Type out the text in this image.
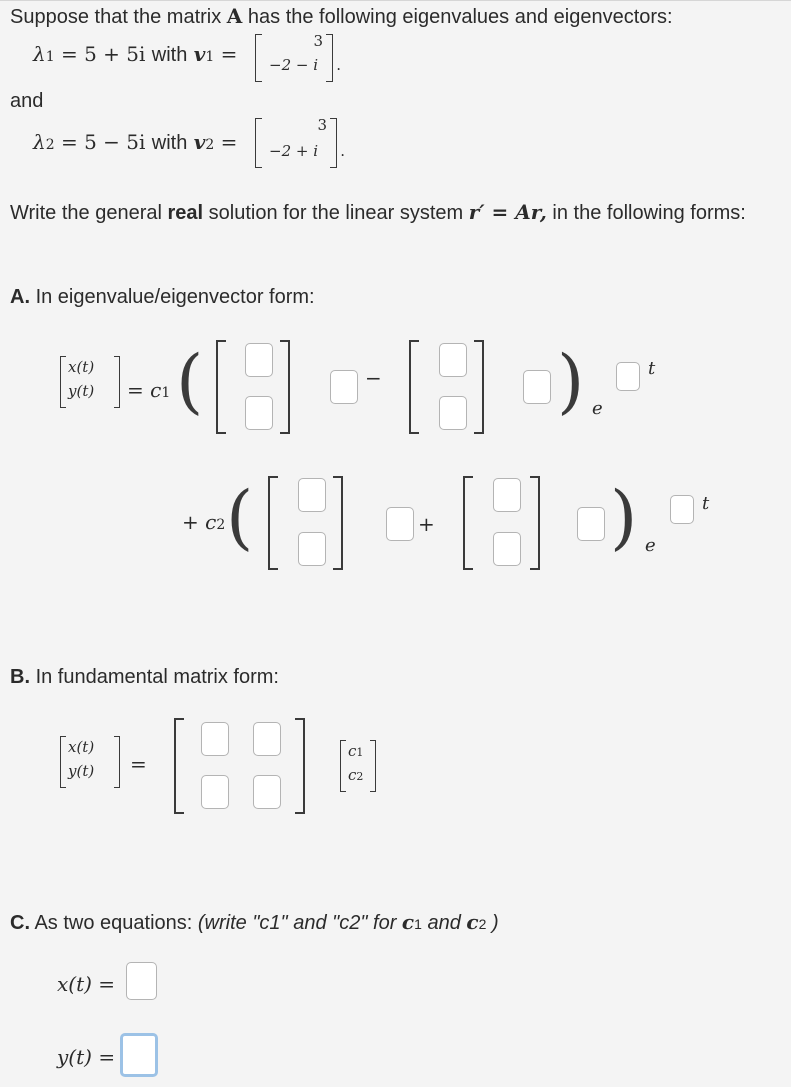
Suppose that the matrix A has the following eigenvalues and eigenvectors:
λ1 = 5 + 5i with v1 =
3
−2 − i .
and
λ2 = 5 − 5i with v2 =
3
−2 + i .
Write the general real solution for the linear system r′ = Ar, in the following forms:
A. In eigenvalue/eigenvector form:
x(t)
y(t) = c1 (	−	) e
t
+ c2 (	+	) e
t
B. In fundamental matrix form:
x(t)
y(t) =
c1
c2
C. As two equations: (write "c1" and "c2" for c1 and c2 )
x(t) =
y(t) =
